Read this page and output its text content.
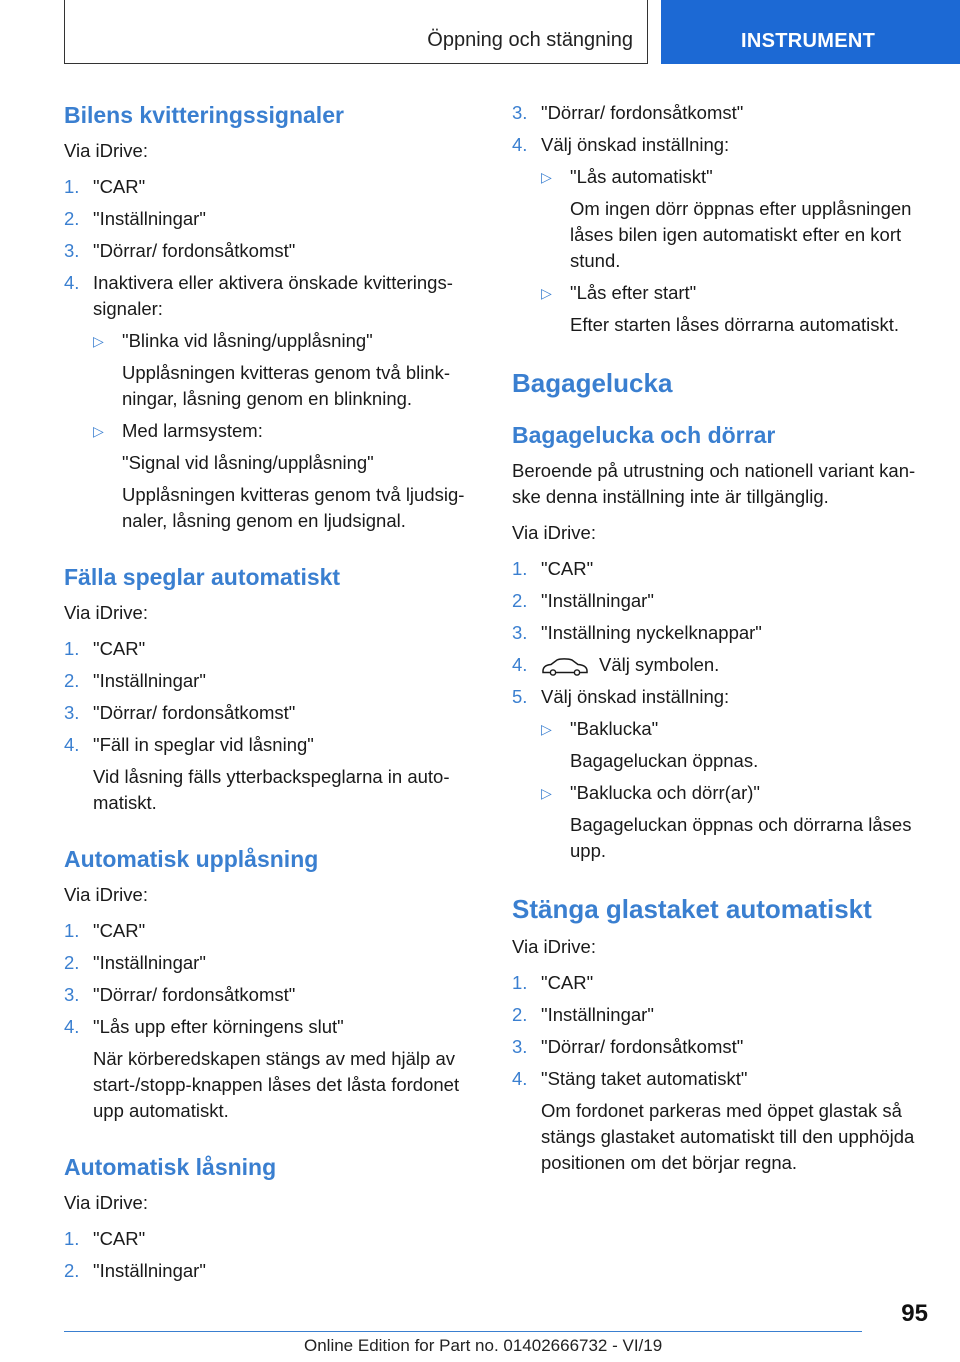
Öppning och stängning	INSTRUMENT
Bilens kvitteringssignaler
Via iDrive:
1. "CAR"
2. "Inställningar"
3. "Dörrar/ fordonsåtkomst"
4. Inaktivera eller aktivera önskade kvitterings-signaler:
▷ "Blinka vid låsning/upplåsning"
Upplåsningen kvitteras genom två blink-ningar, låsning genom en blinkning.
▷ Med larmsystem:
"Signal vid låsning/upplåsning"
Upplåsningen kvitteras genom två ljudsig-naler, låsning genom en ljudsignal.
Fälla speglar automatiskt
Via iDrive:
1. "CAR"
2. "Inställningar"
3. "Dörrar/ fordonsåtkomst"
4. "Fäll in speglar vid låsning"
Vid låsning fälls ytterbackspeglarna in auto-matiskt.
Automatisk upplåsning
Via iDrive:
1. "CAR"
2. "Inställningar"
3. "Dörrar/ fordonsåtkomst"
4. "Lås upp efter körningens slut"
När körberedskapen stängs av med hjälp av start-/stopp-knappen låses det låsta fordonet upp automatiskt.
Automatisk låsning
Via iDrive:
1. "CAR"
2. "Inställningar"
3. "Dörrar/ fordonsåtkomst"
4. Välj önskad inställning:
▷ "Lås automatiskt"
Om ingen dörr öppnas efter upplåsningen låses bilen igen automatiskt efter en kort stund.
▷ "Lås efter start"
Efter starten låses dörrarna automatiskt.
Bagagelucka
Bagagelucka och dörrar
Beroende på utrustning och nationell variant kan-ske denna inställning inte är tillgänglig.
Via iDrive:
1. "CAR"
2. "Inställningar"
3. "Inställning nyckelknappar"
4.	Välj symbolen.
5. Välj önskad inställning:
▷ "Baklucka"
Bagageluckan öppnas.
▷ "Baklucka och dörr(ar)"
Bagageluckan öppnas och dörrarna låses upp.
Stänga glastaket automatiskt
Via iDrive:
1. "CAR"
2. "Inställningar"
3. "Dörrar/ fordonsåtkomst"
4. "Stäng taket automatiskt"
Om fordonet parkeras med öppet glastak så stängs glastaket automatiskt till den upphöjda positionen om det börjar regna.
95
Online Edition for Part no. 01402666732 - VI/19
